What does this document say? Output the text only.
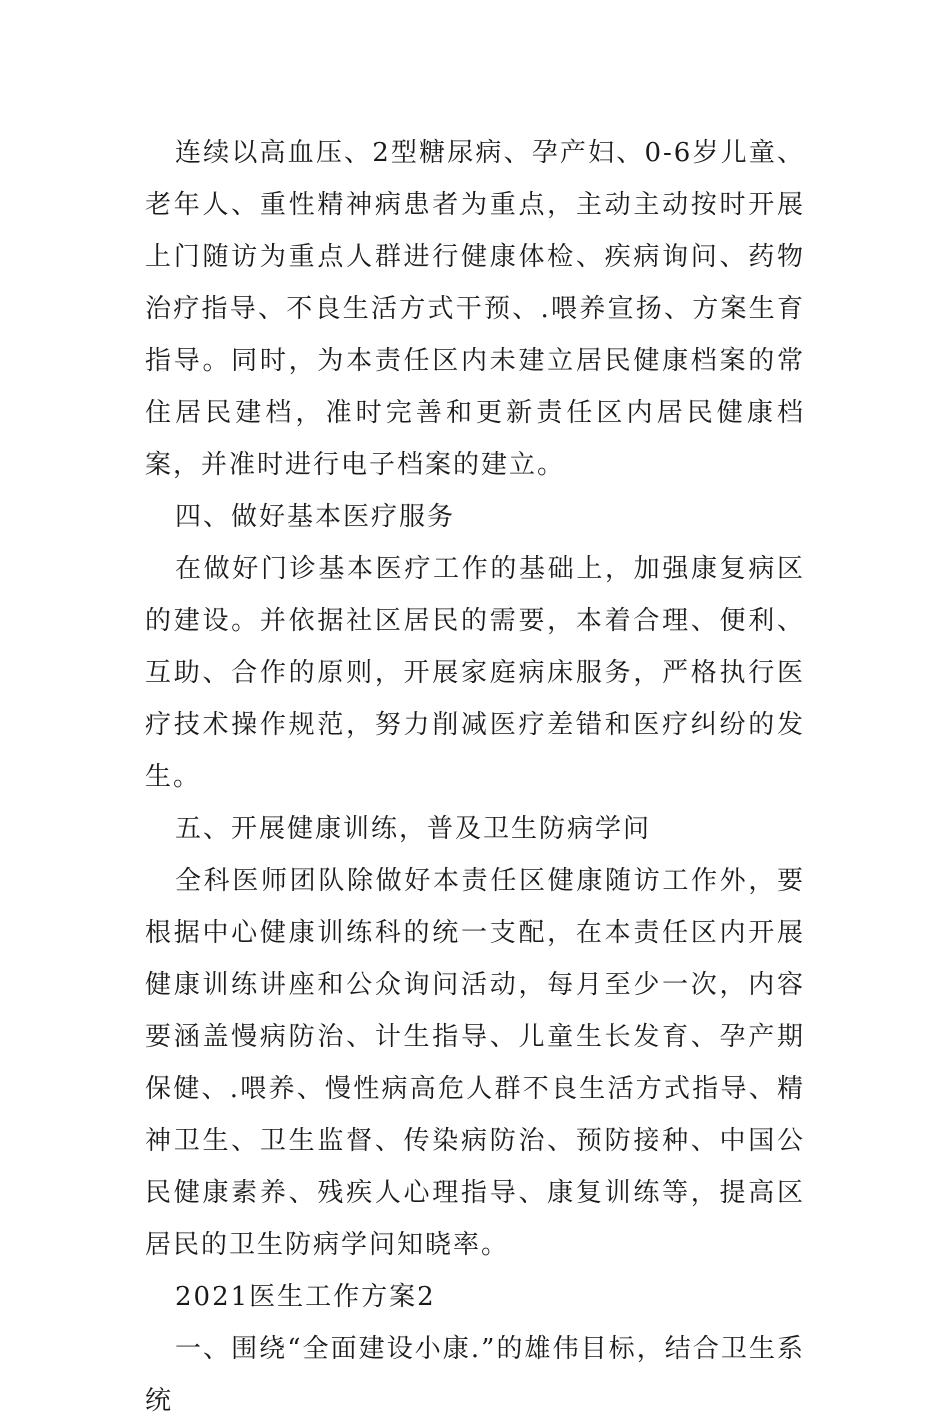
连续以高血压、2型糖尿病、孕产妇、0-6岁儿童、老年人、重性精神病患者为重点，主动主动按时开展上门随访为重点人群进行健康体检、疾病询问、药物治疗指导、不良生活方式干预、.喂养宣扬、方案生育指导。同时，为本责任区内未建立居民健康档案的常住居民建档，准时完善和更新责任区内居民健康档案，并准时进行电子档案的建立。

四、做好基本医疗服务

在做好门诊基本医疗工作的基础上，加强康复病区的建设。并依据社区居民的需要，本着合理、便利、互助、合作的原则，开展家庭病床服务，严格执行医疗技术操作规范，努力削减医疗差错和医疗纠纷的发生。

五、开展健康训练，普及卫生防病学问

全科医师团队除做好本责任区健康随访工作外，要根据中心健康训练科的统一支配，在本责任区内开展健康训练讲座和公众询问活动，每月至少一次，内容要涵盖慢病防治、计生指导、儿童生长发育、孕产期保健、.喂养、慢性病高危人群不良生活方式指导、精神卫生、卫生监督、传染病防治、预防接种、中国公民健康素养、残疾人心理指导、康复训练等，提高区居民的卫生防病学问知晓率。

2021医生工作方案2

一、围绕“全面建设小康.”的雄伟目标，结合卫生系统
